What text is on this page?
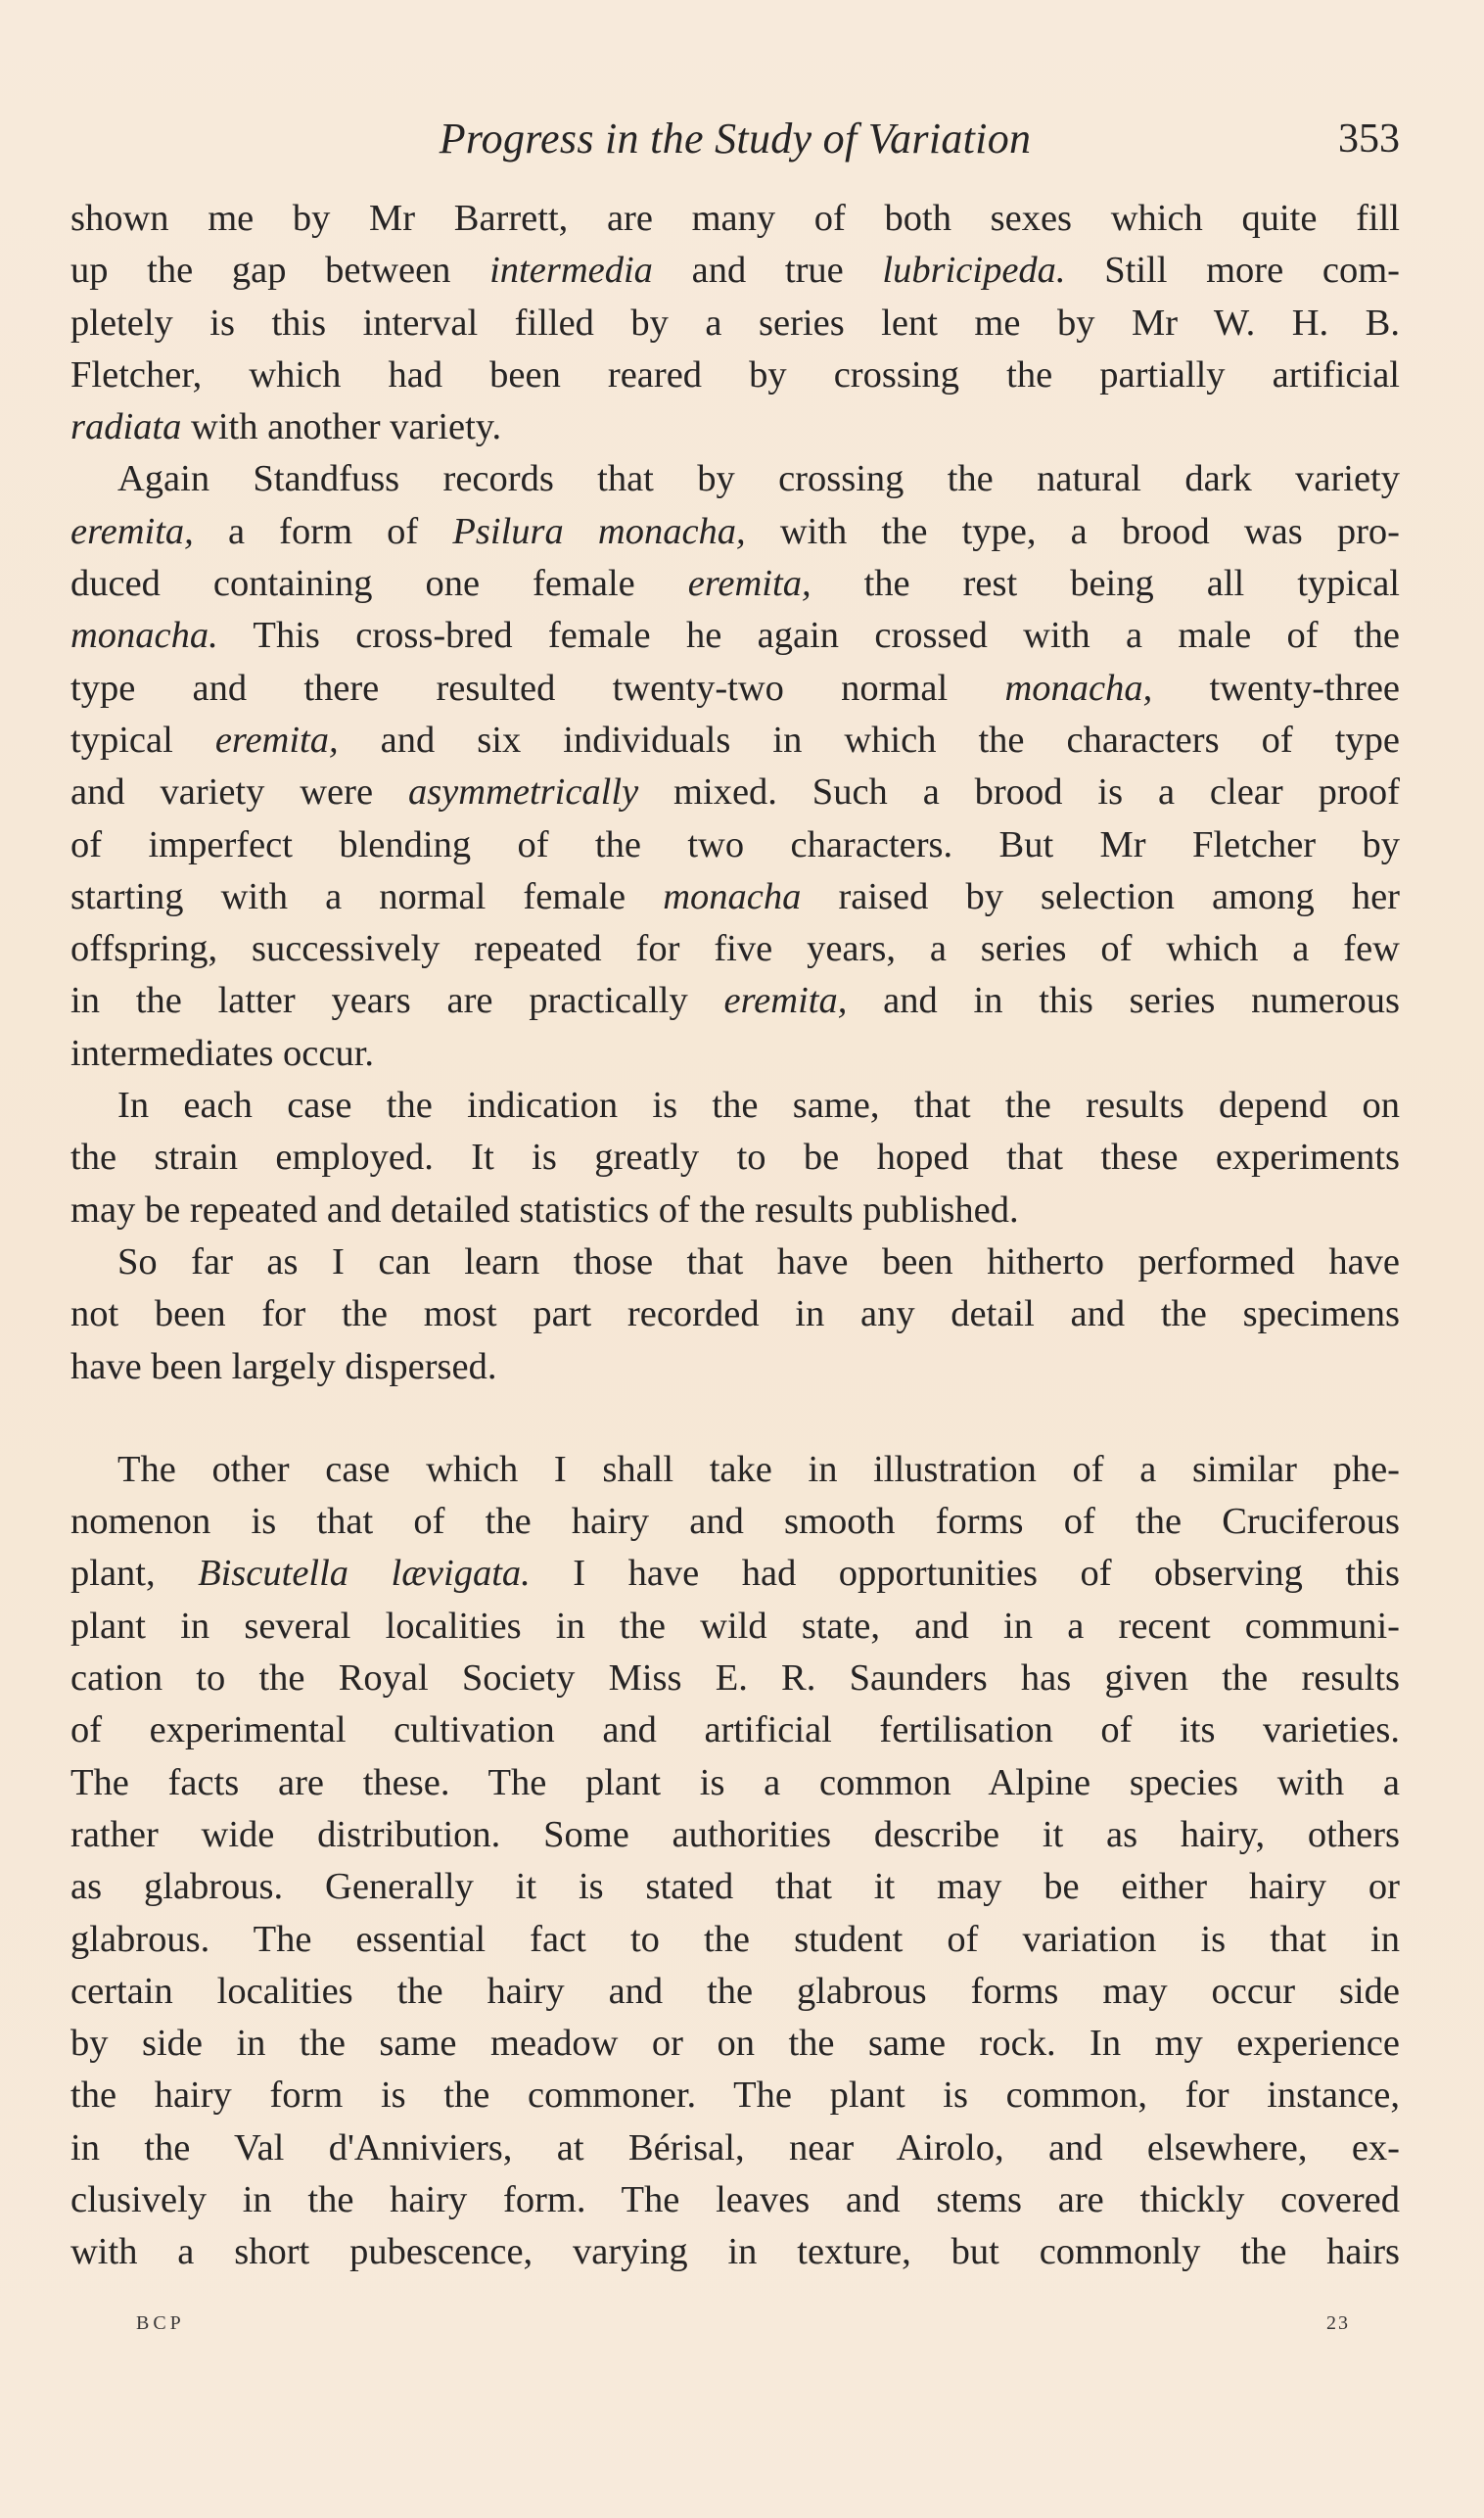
Progress in the Study of Variation	353
shown me by Mr Barrett, are many of both sexes which quite fill
up the gap between intermedia and true lubricipeda. Still more com-
pletely is this interval filled by a series lent me by Mr W. H. B.
Fletcher, which had been reared by crossing the partially artificial
radiata with another variety.
Again Standfuss records that by crossing the natural dark variety
eremita, a form of Psilura monacha, with the type, a brood was pro-
duced containing one female eremita, the rest being all typical
monacha. This cross-bred female he again crossed with a male of the
type and there resulted twenty-two normal monacha, twenty-three
typical eremita, and six individuals in which the characters of type
and variety were asymmetrically mixed. Such a brood is a clear proof
of imperfect blending of the two characters. But Mr Fletcher by
starting with a normal female monacha raised by selection among her
offspring, successively repeated for five years, a series of which a few
in the latter years are practically eremita, and in this series numerous
intermediates occur.
In each case the indication is the same, that the results depend on
the strain employed. It is greatly to be hoped that these experiments
may be repeated and detailed statistics of the results published.
So far as I can learn those that have been hitherto performed have
not been for the most part recorded in any detail and the specimens
have been largely dispersed.
The other case which I shall take in illustration of a similar phe-
nomenon is that of the hairy and smooth forms of the Cruciferous
plant, Biscutella lævigata. I have had opportunities of observing this
plant in several localities in the wild state, and in a recent communi-
cation to the Royal Society Miss E. R. Saunders has given the results
of experimental cultivation and artificial fertilisation of its varieties.
The facts are these. The plant is a common Alpine species with a
rather wide distribution. Some authorities describe it as hairy, others
as glabrous. Generally it is stated that it may be either hairy or
glabrous. The essential fact to the student of variation is that in
certain localities the hairy and the glabrous forms may occur side
by side in the same meadow or on the same rock. In my experience
the hairy form is the commoner. The plant is common, for instance,
in the Val d'Anniviers, at Bérisal, near Airolo, and elsewhere, ex-
clusively in the hairy form. The leaves and stems are thickly covered
with a short pubescence, varying in texture, but commonly the hairs
BCP	23
